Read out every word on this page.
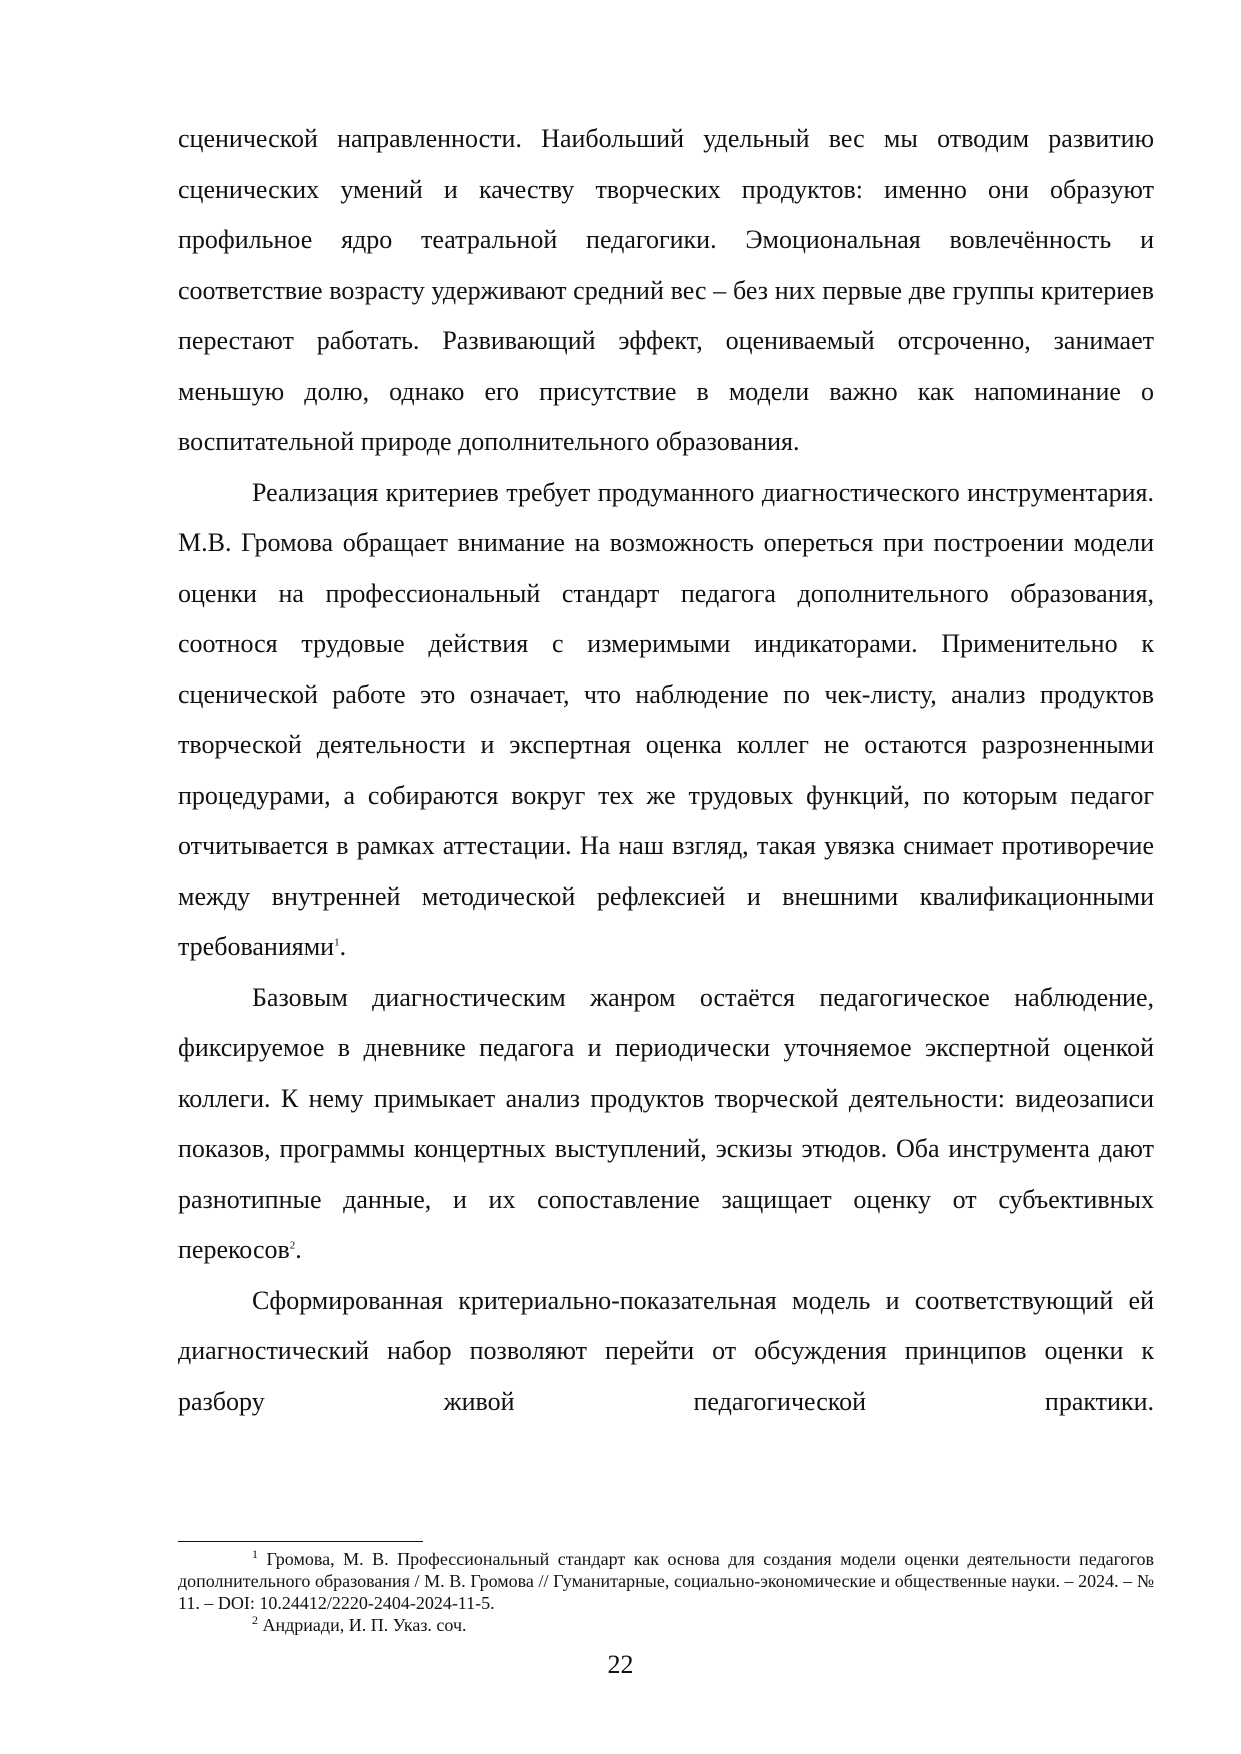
сценической направленности. Наибольший удельный вес мы отводим развитию сценических умений и качеству творческих продуктов: именно они образуют профильное ядро театральной педагогики. Эмоциональная вовлечённость и соответствие возрасту удерживают средний вес – без них первые две группы критериев перестают работать. Развивающий эффект, оцениваемый отсроченно, занимает меньшую долю, однако его присутствие в модели важно как напоминание о воспитательной природе дополнительного образования.

Реализация критериев требует продуманного диагностического инструментария. М.В. Громова обращает внимание на возможность опереться при построении модели оценки на профессиональный стандарт педагога дополнительного образования, соотнося трудовые действия с измеримыми индикаторами. Применительно к сценической работе это означает, что наблюдение по чек-листу, анализ продуктов творческой деятельности и экспертная оценка коллег не остаются разрозненными процедурами, а собираются вокруг тех же трудовых функций, по которым педагог отчитывается в рамках аттестации. На наш взгляд, такая увязка снимает противоречие между внутренней методической рефлексией и внешними квалификационными требованиями$^1$.

Базовым диагностическим жанром остаётся педагогическое наблюдение, фиксируемое в дневнике педагога и периодически уточняемое экспертной оценкой коллеги. К нему примыкает анализ продуктов творческой деятельности: видеозаписи показов, программы концертных выступлений, эскизы этюдов. Оба инструмента дают разнотипные данные, и их сопоставление защищает оценку от субъективных перекосов$^2$.

Сформированная критериально-показательная модель и соответствующий ей диагностический набор позволяют перейти от обсуждения принципов оценки к разбору живой педагогической практики.

$^1$ Громова, М. В. Профессиональный стандарт как основа для создания модели оценки деятельности педагогов дополнительного образования / М. В. Громова // Гуманитарные, социально-экономические и общественные науки. – 2024. – № 11. – DOI: 10.24412/2220-2404-2024-11-5.

$^2$ Андриади, И. П. Указ. соч.

22
